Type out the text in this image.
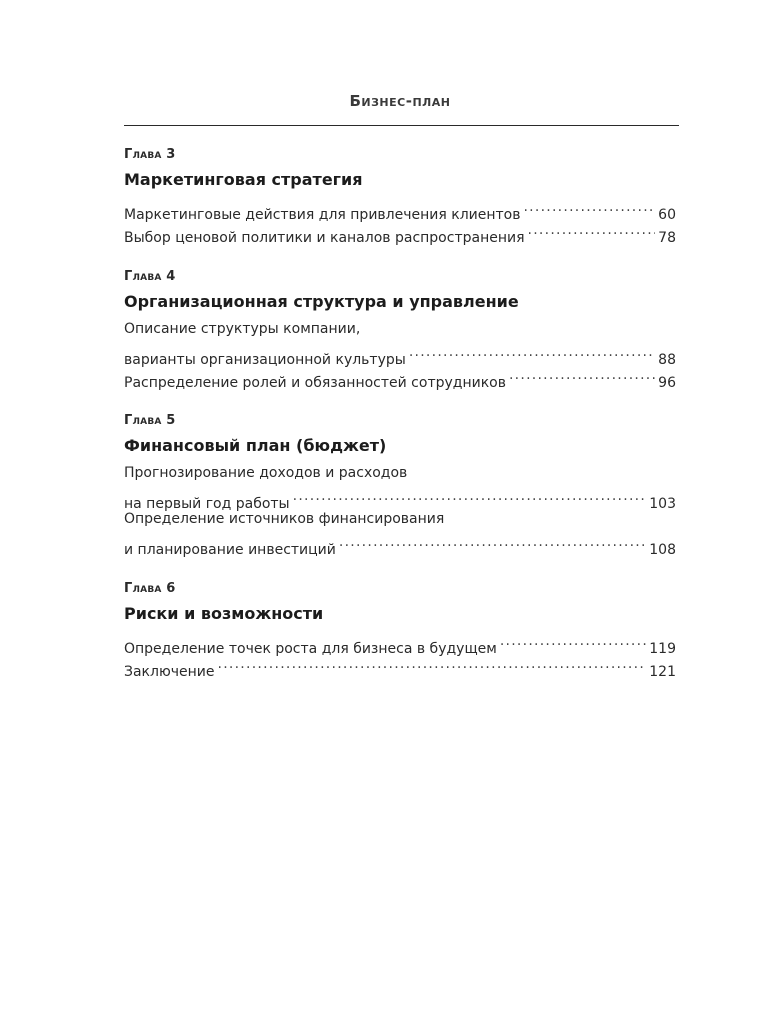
Бизнес-план
Глава 3
Маркетинговая стратегия
Маркетинговые действия для привлечения клиентов . . .	60
Выбор ценовой политики и каналов распространения . . .	78
Глава 4
Организационная структура и управление
Описание структуры компании,
варианты организационной культуры . . .	88
Распределение ролей и обязанностей сотрудников . . .	96
Глава 5
Финансовый план (бюджет)
Прогнозирование доходов и расходов
на первый год работы . . .	103
Определение источников финансирования
и планирование инвестиций . . .	108
Глава 6
Риски и возможности
Определение точек роста для бизнеса в будущем . . .	119
Заключение . . .	121
